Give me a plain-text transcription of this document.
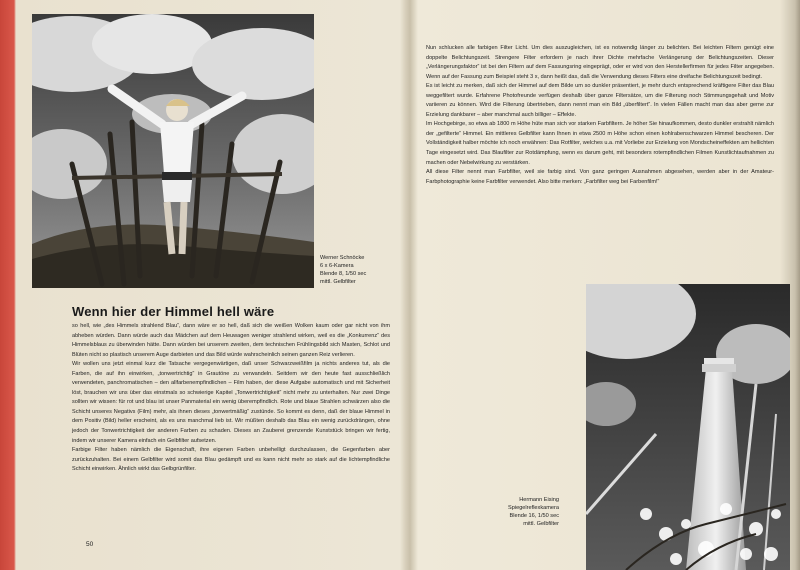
Werner Schnöcke
6 x 6-Kamera
Blende 8, 1/50 sec
mittl. Gelbfilter
Wenn hier der Himmel hell wäre

so hell, wie „des Himmels strahlend Blau“, dann wäre er so hell, daß sich die weißen Wolken kaum oder gar nicht von ihm abheben würden. Dann würde auch das Mädchen auf dem Heuwagen weniger strahlend wirken, weil es die „Konkurrenz“ des Himmelsblaus zu überwinden hätte. Dann würden bei unserem zweiten, dem technischen Frühlingsbild sich Masten, Schlot und Blüten nicht so plastisch unserem Auge darbieten und das Bild würde wahrscheinlich seinen ganzen Reiz verlieren.

Wir wollen uns jetzt einmal kurz die Tatsache vergegenwärtigen, daß unser Schwarzweißfilm ja nichts anderes tut, als die Farben, die auf ihn einwirken, „tonwertrichtig“ in Grautöne zu verwandeln. Seitdem wir den heute fast ausschließlich verwendeten, panchromatischen – den allfarbenempfindlichen – Film haben, der diese Aufgabe automatisch und mit Sicherheit löst, brauchen wir uns über das einstmals so schwierige Kapitel „Tonwertrichtigkeit“ nicht mehr zu unterhalten. Nur zwei Dinge sollten wir wissen: für rot und blau ist unser Panmaterial ein wenig überempfindlich. Rote und blaue Strahlen schwärzen also die Schicht unseres Negativs (Film) mehr, als ihnen dieses „tonwertmäßig“ zustünde. So kommt es denn, daß der blaue Himmel in dem Positiv (Bild) heller erscheint, als es uns manchmal lieb ist. Wir müßten deshalb das Blau ein wenig zurückdrängen, ohne jedoch der Tonwertrichtigkeit der anderen Farben zu schaden. Dieses an Zauberei grenzende Kunststück bringen wir fertig, indem wir unserer Kamera einfach ein Gelbfilter aufsetzen.

Farbige Filter haben nämlich die Eigenschaft, ihre eigenen Farben unbehelligt durchzulassen, die Gegenfarben aber zurückzuhalten. Bei einem Gelbfilter wird somit das Blau gedämpft und es kann nicht mehr so stark auf die lichtempfindliche Schicht einwirken. Ähnlich wirkt das Gelbgrünfilter.

50

Nun schlucken alle farbigen Filter Licht. Um dies auszugleichen, ist es notwendig länger zu belichten. Bei leichten Filtern genügt eine doppelte Belichtungszeit. Strengere Filter erfordern je nach ihrer Dichte mehrfache Verlängerung der Belichtungszeiten. Dieser „Verlängerungsfaktor“ ist bei den Filtern auf dem Fassungsring eingeprägt, oder er wird von den Herstellerfirmen für jedes Filter angegeben. Wenn auf der Fassung zum Beispiel steht 3 x, dann heißt das, daß die Verwendung dieses Filters eine dreifache Belichtungszeit bedingt.

Es ist leicht zu merken, daß sich der Himmel auf dem Bilde um so dunkler präsentiert, je mehr durch entsprechend kräftigere Filter das Blau weggefiltert wurde. Erfahrene Photofreunde verfügen deshalb über ganze Filtersätze, um die Filterung noch Stimmungsgehalt und Motiv variieren zu können. Wird die Filterung übertrieben, dann nennt man ein Bild „überfiltert“. In vielen Fällen macht man das aber gerne zur Erzielung dankbarer – aber manchmal auch billiger – Effekte.

Im Hochgebirge, so etwa ab 1800 m Höhe hüte man sich vor starken Farbfiltern. Je höher Sie hinaufkommen, desto dunkler erstrahlt nämlich der „gefilterte“ Himmel. Ein mittleres Gelbfilter kann Ihnen in etwa 2500 m Höhe schon einen kohlrabenschwarzen Himmel bescheren. Der Vollständigkeit halber möchte ich noch erwähnen: Das Rotfilter, welches u.a. mit Vorliebe zur Erzielung von Mondscheineffekten am hellichten Tage eingesetzt wird. Das Blaufilter zur Rotdämpfung, wenn es darum geht, mit besonders rotempfindlichen Filmen Kunstlichtaufnahmen zu machen oder Nebelwirkung zu verstärken.

All diese Filter nennt man Farbfilter, weil sie farbig sind. Von ganz geringen Ausnahmen abgesehen, werden aber in der Amateur-Farbphotographie keine Farbfilter verwendet. Also bitte merken: „Farbfilter weg bei Farbenfilm!“

Hermann Eising
Spiegelreflexkamera
Blende 16, 1/50 sec
mittl. Gelbfilter
